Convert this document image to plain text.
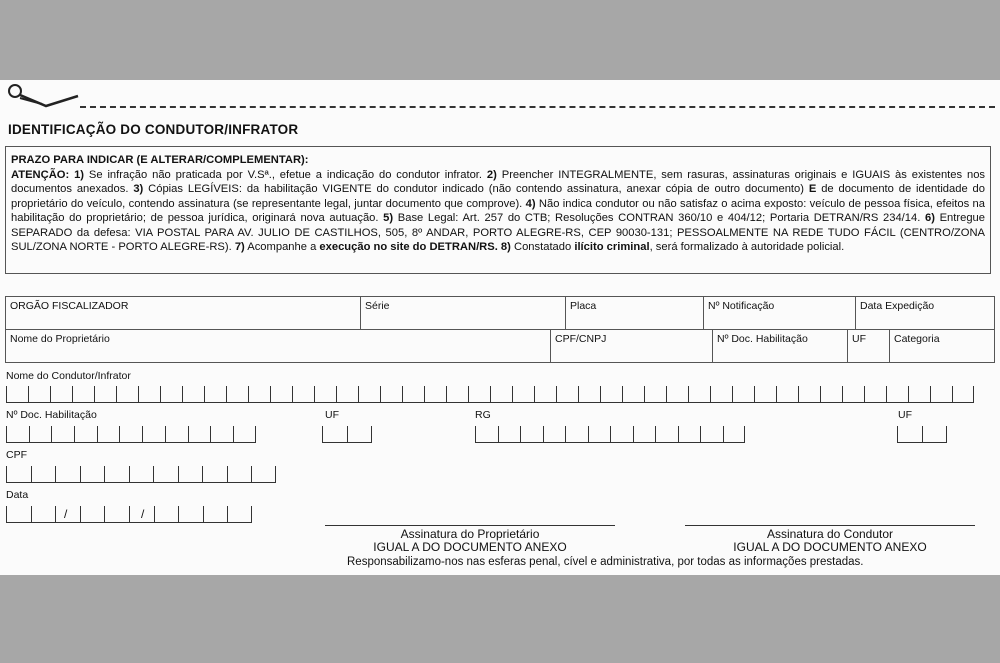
IDENTIFICAÇÃO DO CONDUTOR/INFRATOR
PRAZO PARA INDICAR (E ALTERAR/COMPLEMENTAR):
ATENÇÃO: 1) Se infração não praticada por V.Sª., efetue a indicação do condutor infrator. 2) Preencher INTEGRALMENTE, sem rasuras, assinaturas originais e IGUAIS às existentes nos documentos anexados. 3) Cópias LEGÍVEIS: da habilitação VIGENTE do condutor indicado (não contendo assinatura, anexar cópia de outro documento) E de documento de identidade do proprietário do veículo, contendo assinatura (se representante legal, juntar documento que comprove). 4) Não indica condutor ou não satisfaz o acima exposto: veículo de pessoa física, efeitos na habilitação do proprietário; de pessoa jurídica, originará nova autuação. 5) Base Legal: Art. 257 do CTB; Resoluções CONTRAN 360/10 e 404/12; Portaria DETRAN/RS 234/14. 6) Entregue SEPARADO da defesa: VIA POSTAL PARA AV. JULIO DE CASTILHOS, 505, 8º ANDAR, PORTO ALEGRE-RS, CEP 90030-131; PESSOALMENTE NA REDE TUDO FÁCIL (CENTRO/ZONA SUL/ZONA NORTE - PORTO ALEGRE-RS). 7) Acompanhe a execução no site do DETRAN/RS. 8) Constatado ilícito criminal, será formalizado à autoridade policial.
ORGÃO FISCALIZADOR	Série	Placa	Nº Notificação	Data Expedição
Nome do Proprietário	CPF/CNPJ	Nº Doc. Habilitação	UF	Categoria
Nome do Condutor/Infrator
Nº Doc. Habilitação	UF	RG	UF
CPF
Data
/	/
Assinatura do Proprietário
IGUAL A DO DOCUMENTO ANEXO
Assinatura do Condutor
IGUAL A DO DOCUMENTO ANEXO
Responsabilizamo-nos nas esferas penal, cível e administrativa, por todas as informações prestadas.
